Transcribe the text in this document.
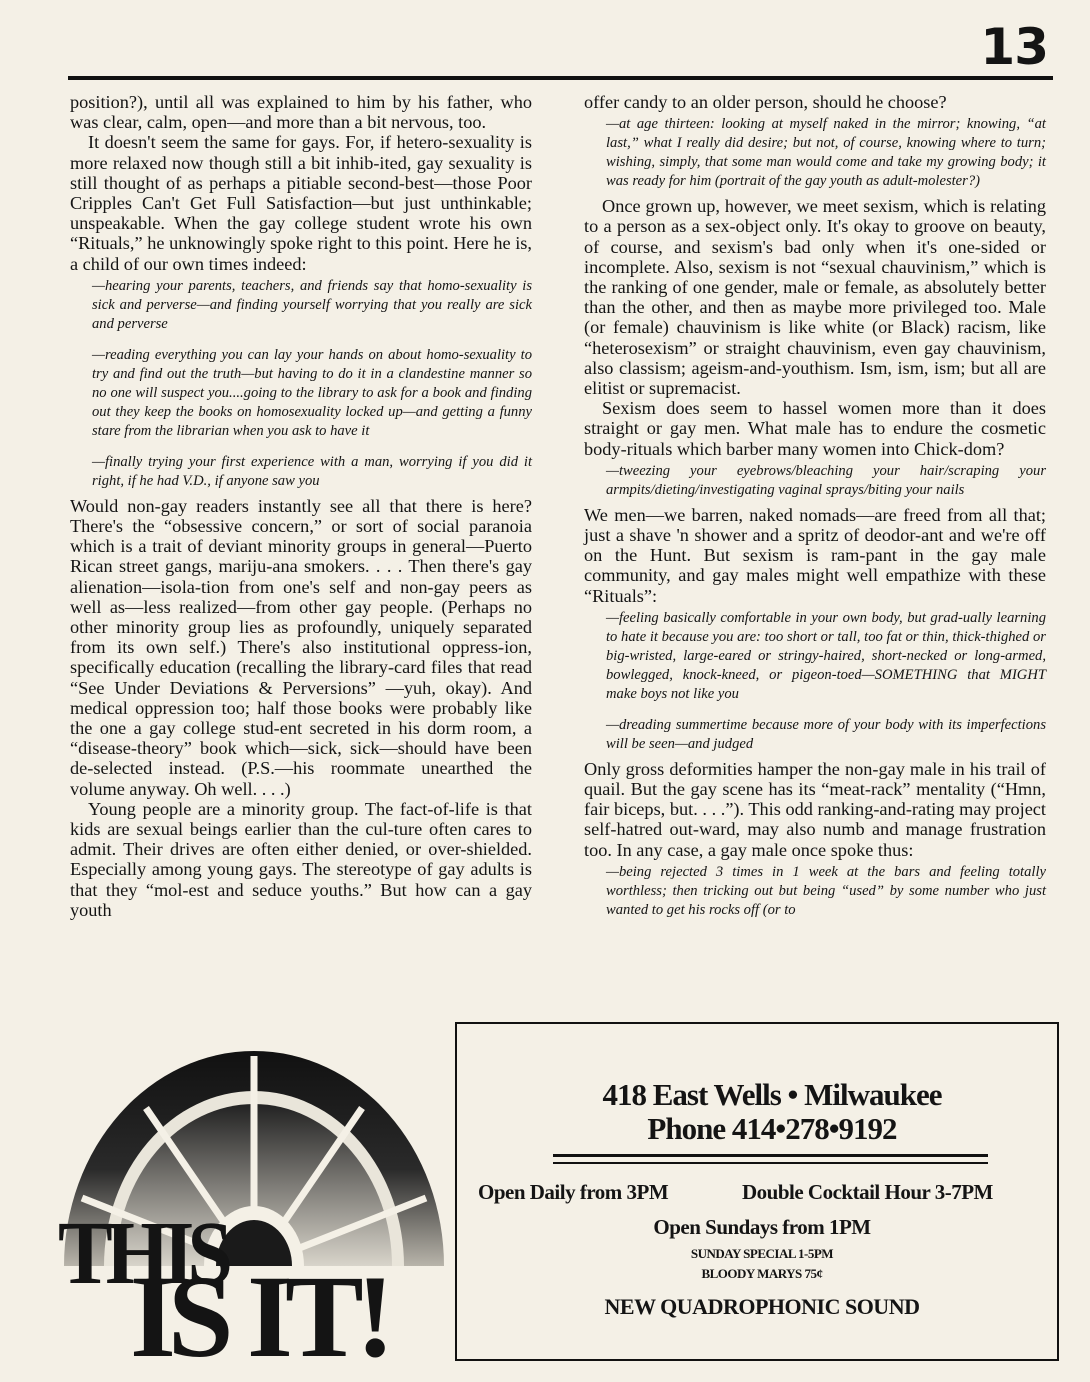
13

position?), until all was explained to him by his father, who was clear, calm, open—and more than a bit nervous, too.

It doesn't seem the same for gays. For, if hetero-sexuality is more relaxed now though still a bit inhib-ited, gay sexuality is still thought of as perhaps a pitiable second-best—those Poor Cripples Can't Get Full Satisfaction—but just unthinkable; unspeakable. When the gay college student wrote his own “Rituals,” he unknowingly spoke right to this point. Here he is, a child of our own times indeed:

—hearing your parents, teachers, and friends say that homo-sexuality is sick and perverse—and finding yourself worrying that you really are sick and perverse

—reading everything you can lay your hands on about homo-sexuality to try and find out the truth—but having to do it in a clandestine manner so no one will suspect you....going to the library to ask for a book and finding out they keep the books on homosexuality locked up—and getting a funny stare from the librarian when you ask to have it

—finally trying your first experience with a man, worrying if you did it right, if he had V.D., if anyone saw you

Would non-gay readers instantly see all that there is here? There's the “obsessive concern,” or sort of social paranoia which is a trait of deviant minority groups in general—Puerto Rican street gangs, mariju-ana smokers. . . . Then there's gay alienation—isola-tion from one's self and non-gay peers as well as—less realized—from other gay people. (Perhaps no other minority group lies as profoundly, uniquely separated from its own self.) There's also institutional oppress-ion, specifically education (recalling the library-card files that read “See Under Deviations & Perversions” —yuh, okay). And medical oppression too; half those books were probably like the one a gay college stud-ent secreted in his dorm room, a “disease-theory” book which—sick, sick—should have been de-selected instead. (P.S.—his roommate unearthed the volume anyway. Oh well. . . .)

Young people are a minority group. The fact-of-life is that kids are sexual beings earlier than the cul-ture often cares to admit. Their drives are often either denied, or over-shielded. Especially among young gays. The stereotype of gay adults is that they “mol-est and seduce youths.” But how can a gay youth

offer candy to an older person, should he choose?

—at age thirteen: looking at myself naked in the mirror; knowing, “at last,” what I really did desire; but not, of course, knowing where to turn; wishing, simply, that some man would come and take my growing body; it was ready for him (portrait of the gay youth as adult-molester?)

Once grown up, however, we meet sexism, which is relating to a person as a sex-object only. It's okay to groove on beauty, of course, and sexism's bad only when it's one-sided or incomplete. Also, sexism is not “sexual chauvinism,” which is the ranking of one gender, male or female, as absolutely better than the other, and then as maybe more privileged too. Male (or female) chauvinism is like white (or Black) racism, like “heterosexism” or straight chauvinism, even gay chauvinism, also classism; ageism-and-youthism. Ism, ism, ism; but all are elitist or supremacist.

Sexism does seem to hassel women more than it does straight or gay men. What male has to endure the cosmetic body-rituals which barber many women into Chick-dom?

—tweezing your eyebrows/bleaching your hair/scraping your armpits/dieting/investigating vaginal sprays/biting your nails

We men—we barren, naked nomads—are freed from all that; just a shave 'n shower and a spritz of deodor-ant and we're off on the Hunt. But sexism is ram-pant in the gay male community, and gay males might well empathize with these “Rituals”:

—feeling basically comfortable in your own body, but grad-ually learning to hate it because you are: too short or tall, too fat or thin, thick-thighed or big-wristed, large-eared or stringy-haired, short-necked or long-armed, bowlegged, knock-kneed, or pigeon-toed—SOMETHING that MIGHT make boys not like you

—dreading summertime because more of your body with its imperfections will be seen—and judged

Only gross deformities hamper the non-gay male in his trail of quail. But the gay scene has its “meat-rack” mentality (“Hmn, fair biceps, but. . . .”). This odd ranking-and-rating may project self-hatred out-ward, may also numb and manage frustration too. In any case, a gay male once spoke thus:

—being rejected 3 times in 1 week at the bars and feeling totally worthless; then tricking out but being “used” by some number who just wanted to get his rocks off (or to

THIS
IS IT!
418 East Wells • Milwaukee
Phone 414•278•9192
Open Daily from 3PM	Double Cocktail Hour 3-7PM
Open Sundays from 1PM
SUNDAY SPECIAL 1-5PM
BLOODY MARYS 75¢
NEW QUADROPHONIC SOUND
